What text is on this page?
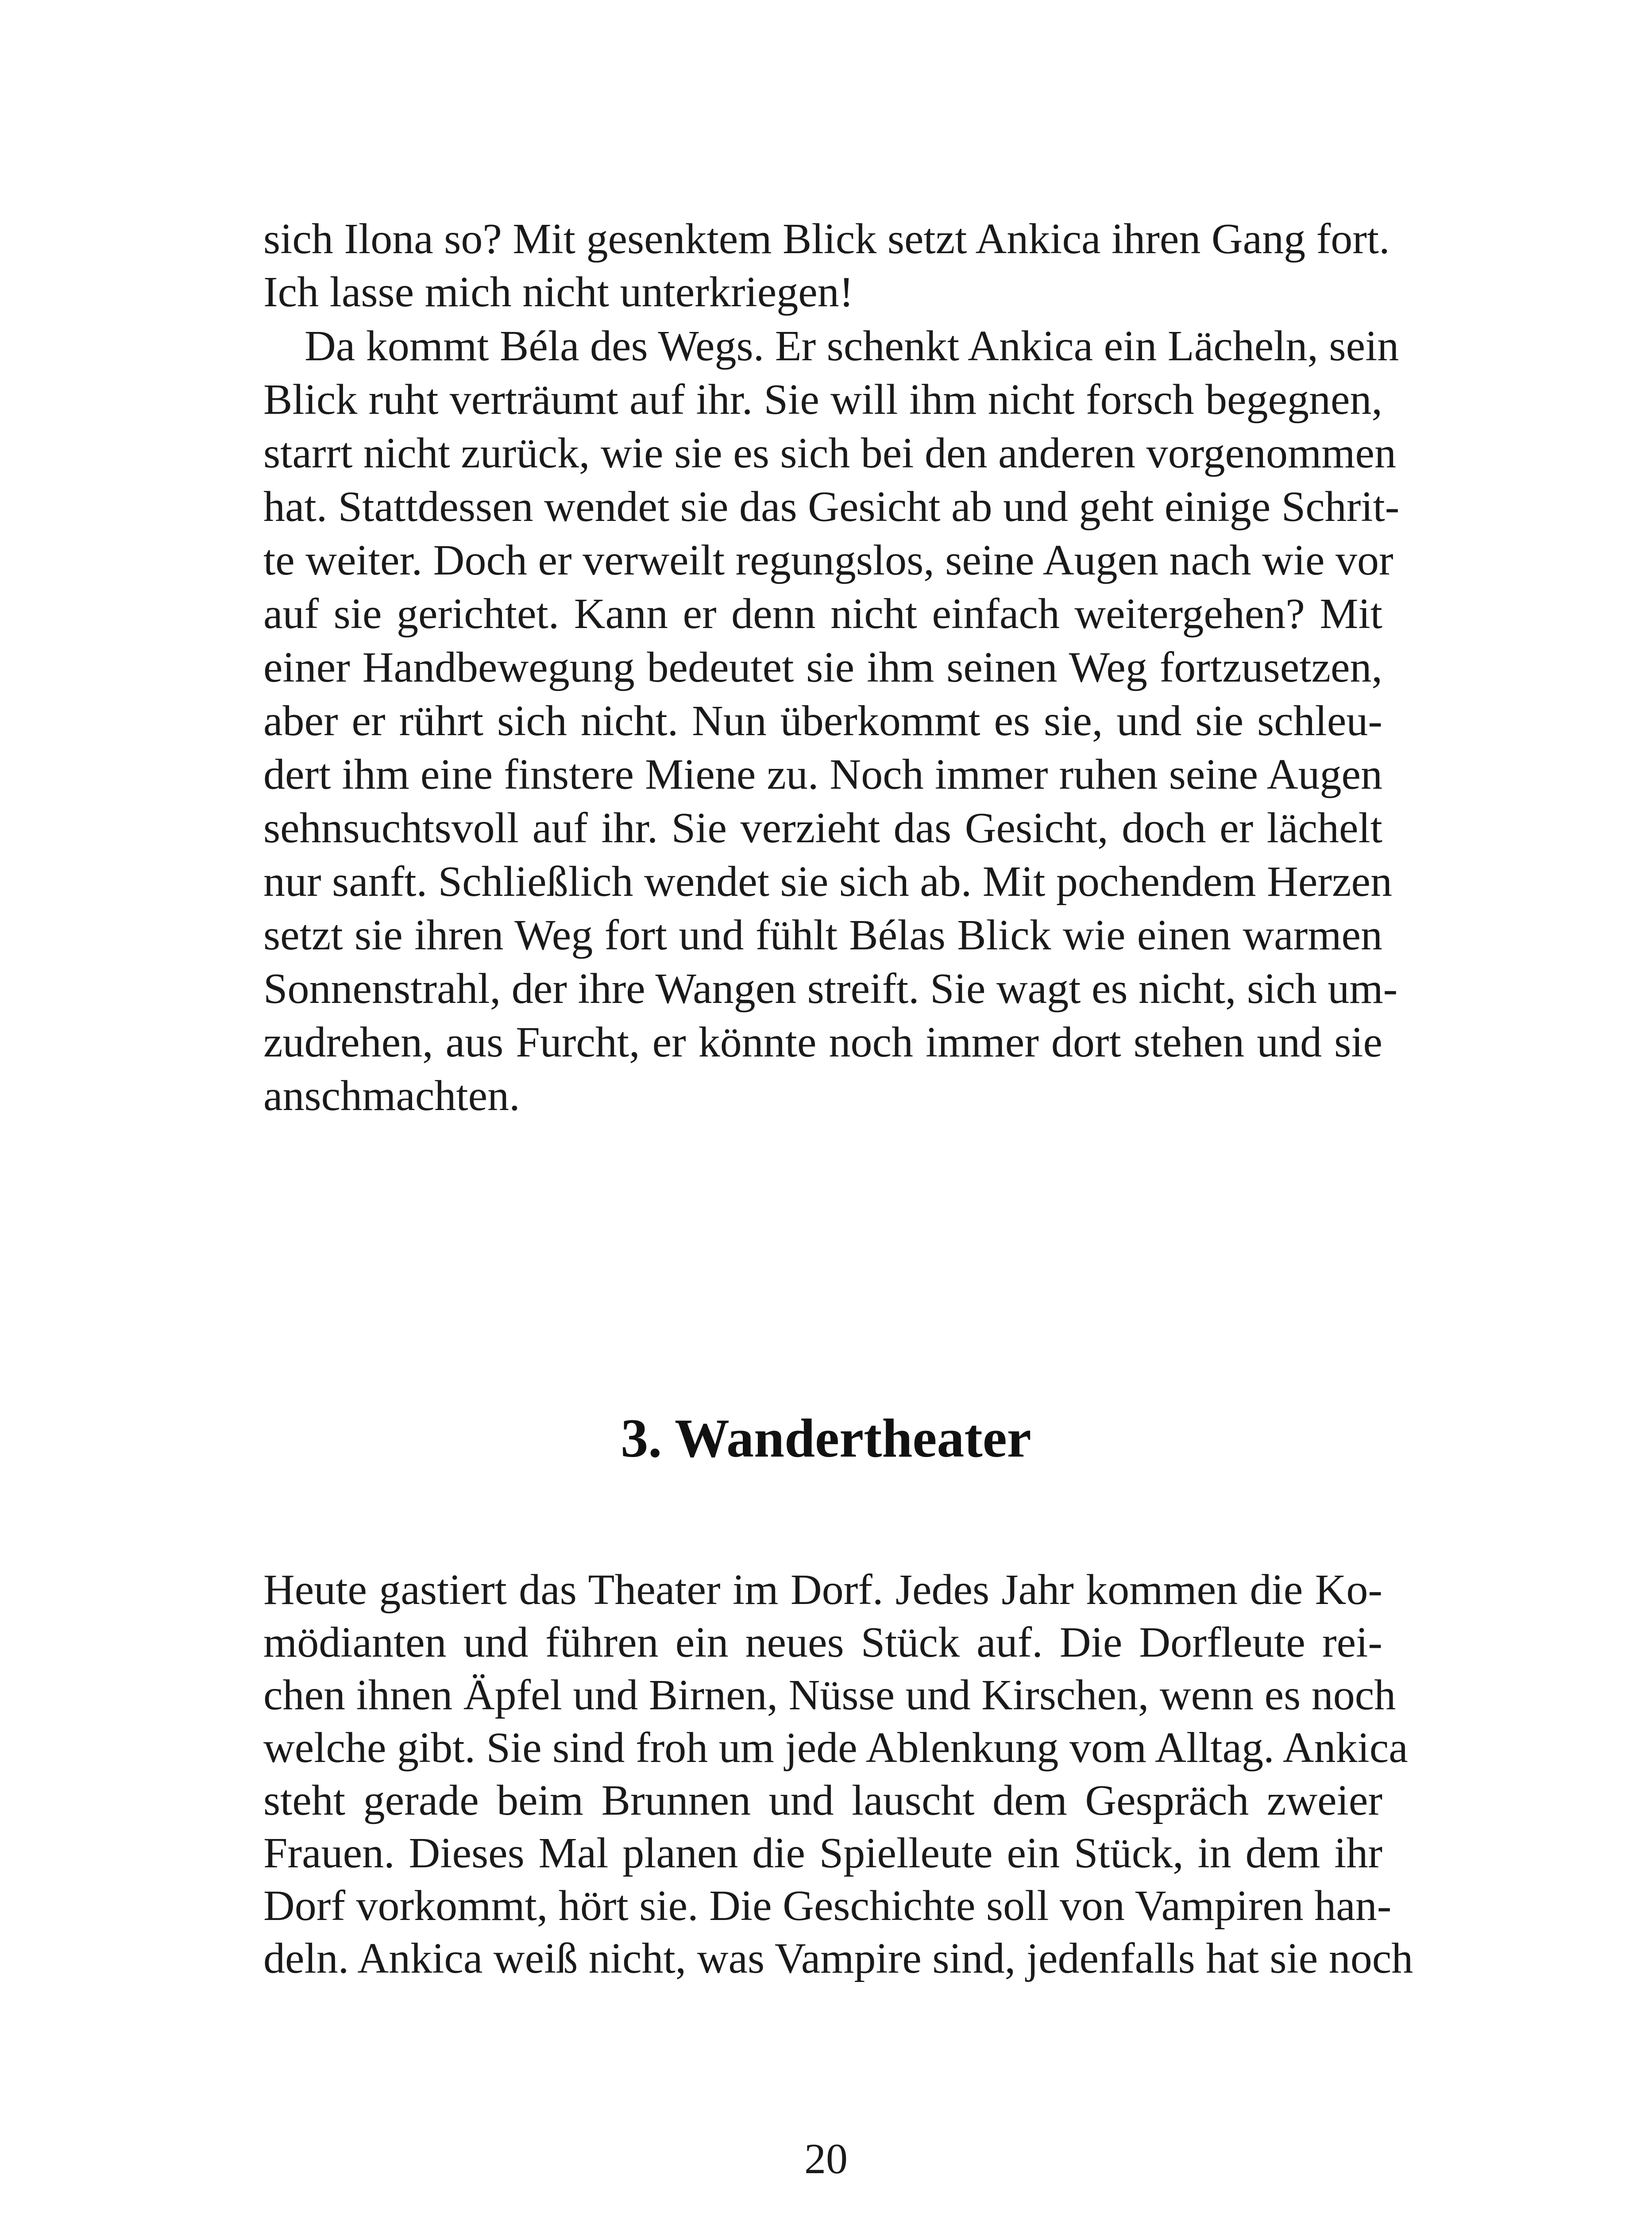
sich Ilona so? Mit gesenktem Blick setzt Ankica ihren Gang fort.
Ich lasse mich nicht unterkriegen!
Da kommt Béla des Wegs. Er schenkt Ankica ein Lächeln, sein
Blick ruht verträumt auf ihr. Sie will ihm nicht forsch begegnen,
starrt nicht zurück, wie sie es sich bei den anderen vorgenommen
hat. Stattdessen wendet sie das Gesicht ab und geht einige Schrit-
te weiter. Doch er verweilt regungslos, seine Augen nach wie vor
auf sie gerichtet. Kann er denn nicht einfach weitergehen? Mit
einer Handbewegung bedeutet sie ihm seinen Weg fortzusetzen,
aber er rührt sich nicht. Nun überkommt es sie, und sie schleu-
dert ihm eine finstere Miene zu. Noch immer ruhen seine Augen
sehnsuchtsvoll auf ihr. Sie verzieht das Gesicht, doch er lächelt
nur sanft. Schließlich wendet sie sich ab. Mit pochendem Herzen
setzt sie ihren Weg fort und fühlt Bélas Blick wie einen warmen
Sonnenstrahl, der ihre Wangen streift. Sie wagt es nicht, sich um-
zudrehen, aus Furcht, er könnte noch immer dort stehen und sie
anschmachten.
3. Wandertheater
Heute gastiert das Theater im Dorf. Jedes Jahr kommen die Ko-
mödianten und führen ein neues Stück auf. Die Dorfleute rei-
chen ihnen Äpfel und Birnen, Nüsse und Kirschen, wenn es noch
welche gibt. Sie sind froh um jede Ablenkung vom Alltag. Ankica
steht gerade beim Brunnen und lauscht dem Gespräch zweier
Frauen. Dieses Mal planen die Spielleute ein Stück, in dem ihr
Dorf vorkommt, hört sie. Die Geschichte soll von Vampiren han-
deln. Ankica weiß nicht, was Vampire sind, jedenfalls hat sie noch
20
